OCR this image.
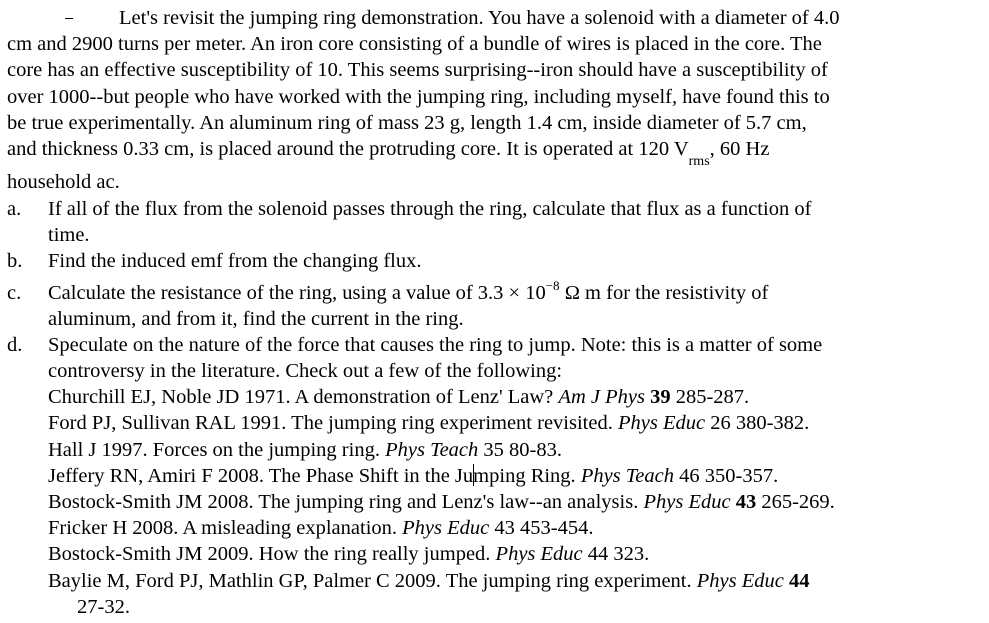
Let's revisit the jumping ring demonstration. You have a solenoid with a diameter of 4.0
cm and 2900 turns per meter. An iron core consisting of a bundle of wires is placed in the core. The
core has an effective susceptibility of 10. This seems surprising--iron should have a susceptibility of
over 1000--but people who have worked with the jumping ring, including myself, have found this to
be true experimentally. An aluminum ring of mass 23 g, length 1.4 cm, inside diameter of 5.7 cm,
and thickness 0.33 cm, is placed around the protruding core. It is operated at 120 $V_{rms}$, 60 Hz
household ac.
a. If all of the flux from the solenoid passes through the ring, calculate that flux as a function of
time.
b. Find the induced emf from the changing flux.
c. Calculate the resistance of the ring, using a value of $3.3 \times 10^{-8}$ Ω m for the resistivity of
aluminum, and from it, find the current in the ring.
d. Speculate on the nature of the force that causes the ring to jump. Note: this is a matter of some
controversy in the literature. Check out a few of the following:
Churchill EJ, Noble JD 1971. A demonstration of Lenz' Law? Am J Phys 39 285-287.
Ford PJ, Sullivan RAL 1991. The jumping ring experiment revisited. Phys Educ 26 380-382.
Hall J 1997. Forces on the jumping ring. Phys Teach 35 80-83.
Jeffery RN, Amiri F 2008. The Phase Shift in the Jumping Ring. Phys Teach 46 350-357.
Bostock-Smith JM 2008. The jumping ring and Lenz's law--an analysis. Phys Educ 43 265-269.
Fricker H 2008. A misleading explanation. Phys Educ 43 453-454.
Bostock-Smith JM 2009. How the ring really jumped. Phys Educ 44 323.
Baylie M, Ford PJ, Mathlin GP, Palmer C 2009. The jumping ring experiment. Phys Educ 44
27-32.
